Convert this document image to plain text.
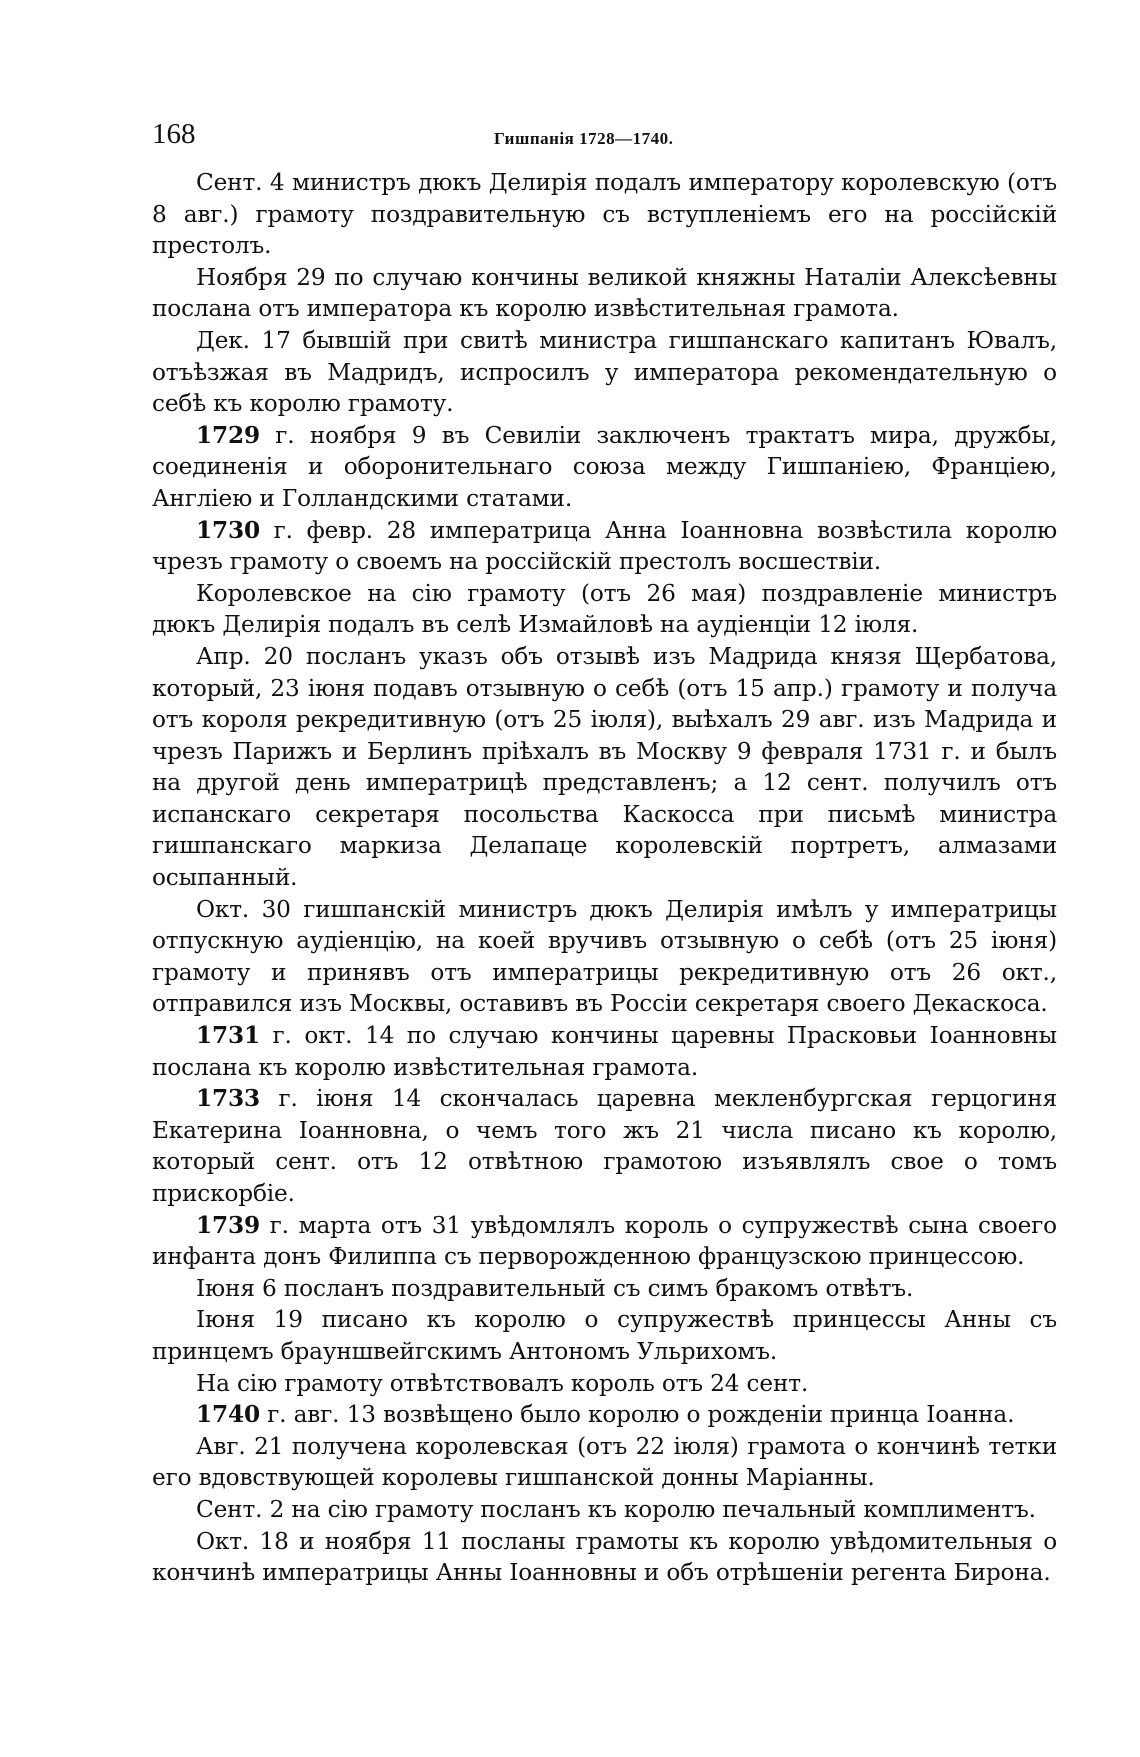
168	Гишпанія 1728—1740.

Сент. 4 министръ дюкъ Делирія подалъ императору королевскую (отъ 8 авг.) грамоту поздравительную съ вступленіемъ его на россійскій престолъ.

Ноября 29 по случаю кончины великой княжны Наталіи Алексѣевны послана отъ императора къ королю извѣстительная грамота.

Дек. 17 бывшій при свитѣ министра гишпанскаго капитанъ Ювалъ, отъѣзжая въ Мадридъ, испросилъ у императора рекомендательную о себѣ къ королю грамоту.

1729 г. ноября 9 въ Севиліи заключенъ трактатъ мира, дружбы, соединенія и оборонительнаго союза между Гишпаніею, Франціею, Англіею и Голландскими статами.

1730 г. февр. 28 императрица Анна Іоанновна возвѣстила королю чрезъ грамоту о своемъ на россійскій престолъ восшествіи.

Королевское на сію грамоту (отъ 26 мая) поздравленіе министръ дюкъ Делирія подалъ въ селѣ Измайловѣ на аудіенціи 12 іюля.

Апр. 20 посланъ указъ объ отзывѣ изъ Мадрида князя Щербатова, который, 23 іюня подавъ отзывную о себѣ (отъ 15 апр.) грамоту и получа отъ короля рекредитивную (отъ 25 іюля), выѣхалъ 29 авг. изъ Мадрида и чрезъ Парижъ и Берлинъ пріѣхалъ въ Москву 9 февраля 1731 г. и былъ на другой день императрицѣ представленъ; а 12 сент. получилъ отъ испанскаго секретаря посольства Каскосса при письмѣ министра гишпанскаго маркиза Делапаце королевскій портретъ, алмазами осыпанный.

Окт. 30 гишпанскій министръ дюкъ Делирія имѣлъ у императрицы отпускную аудіенцію, на коей вручивъ отзывную о себѣ (отъ 25 іюня) грамоту и принявъ отъ императрицы рекредитивную отъ 26 окт., отправился изъ Москвы, оставивъ въ Россіи секретаря своего Декаскоса.

1731 г. окт. 14 по случаю кончины царевны Прасковьи Іоанновны послана къ королю извѣстительная грамота.

1733 г. іюня 14 скончалась царевна мекленбургская герцогиня Екатерина Іоанновна, о чемъ того жъ 21 числа писано къ королю, который сент. отъ 12 отвѣтною грамотою изъявлялъ свое о томъ прискорбіе.

1739 г. марта отъ 31 увѣдомлялъ король о супружествѣ сына своего инфанта донъ Филиппа съ перворожденною французскою принцессою.

Іюня 6 посланъ поздравительный съ симъ бракомъ отвѣтъ.

Іюня 19 писано къ королю о супружествѣ принцессы Анны съ принцемъ брауншвейгскимъ Антономъ Ульрихомъ.

На сію грамоту отвѣтствовалъ король отъ 24 сент.

1740 г. авг. 13 возвѣщено было королю о рожденіи принца Іоанна.

Авг. 21 получена королевская (отъ 22 іюля) грамота о кончинѣ тетки его вдовствующей королевы гишпанской донны Маріанны.

Сент. 2 на сію грамоту посланъ къ королю печальный комплиментъ.

Окт. 18 и ноября 11 посланы грамоты къ королю увѣдомительныя о кончинѣ императрицы Анны Іоанновны и объ отрѣшеніи регента Бирона.
